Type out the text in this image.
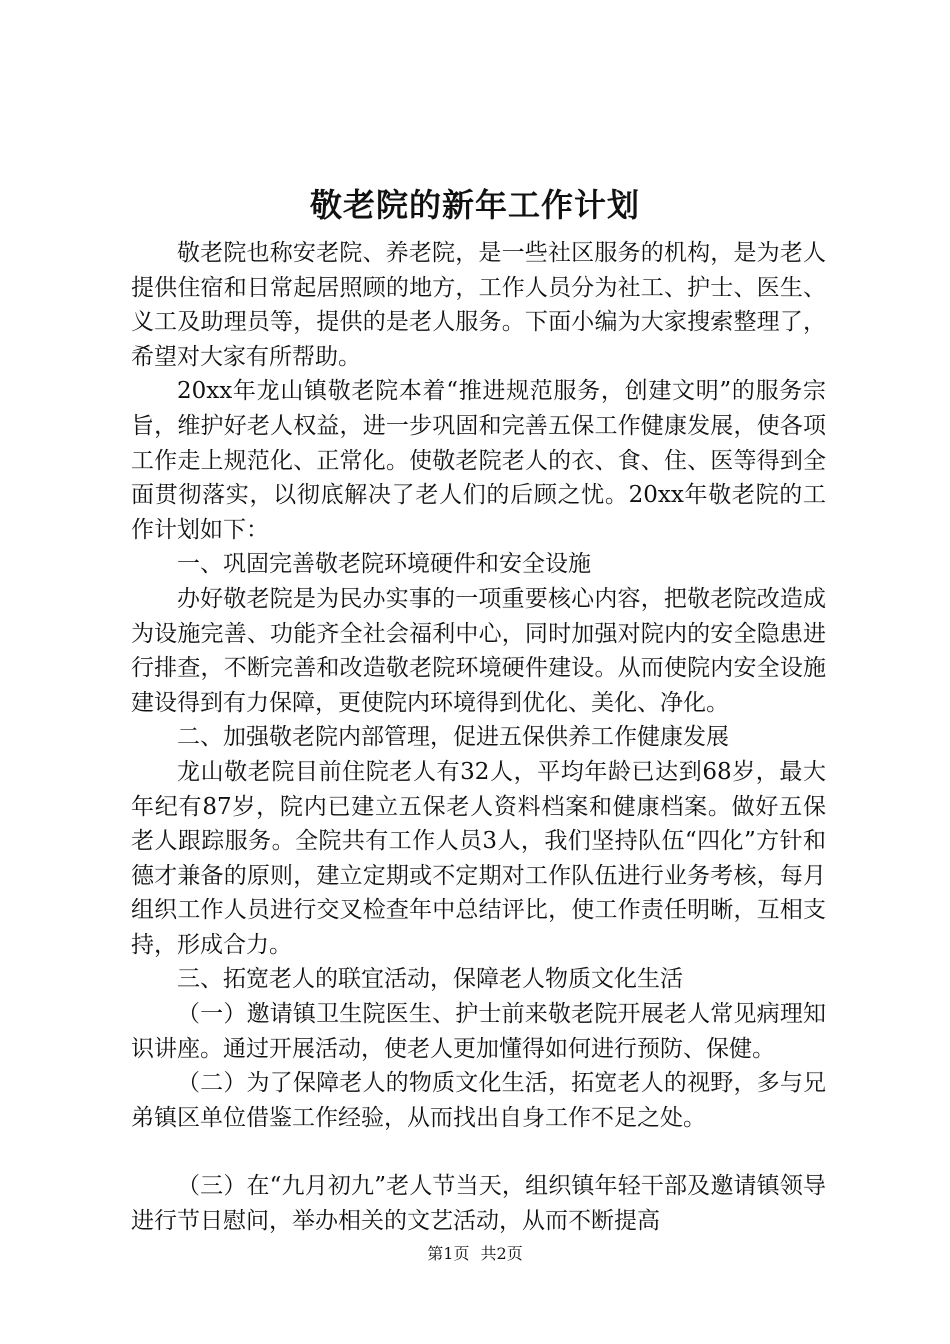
敬老院的新年工作计划

敬老院也称安老院、养老院，是一些社区服务的机构，是为老人提供住宿和日常起居照顾的地方，工作人员分为社工、护士、医生、义工及助理员等，提供的是老人服务。下面小编为大家搜索整理了，希望对大家有所帮助。

20xx年龙山镇敬老院本着“推进规范服务，创建文明”的服务宗旨，维护好老人权益，进一步巩固和完善五保工作健康发展，使各项工作走上规范化、正常化。使敬老院老人的衣、食、住、医等得到全面贯彻落实，以彻底解决了老人们的后顾之忧。20xx年敬老院的工作计划如下：

一、巩固完善敬老院环境硬件和安全设施

办好敬老院是为民办实事的一项重要核心内容，把敬老院改造成为设施完善、功能齐全社会福利中心，同时加强对院内的安全隐患进行排查，不断完善和改造敬老院环境硬件建设。从而使院内安全设施建设得到有力保障，更使院内环境得到优化、美化、净化。

二、加强敬老院内部管理，促进五保供养工作健康发展

龙山敬老院目前住院老人有32人，平均年龄已达到68岁，最大年纪有87岁，院内已建立五保老人资料档案和健康档案。做好五保老人跟踪服务。全院共有工作人员3人，我们坚持队伍“四化”方针和德才兼备的原则，建立定期或不定期对工作队伍进行业务考核，每月组织工作人员进行交叉检查年中总结评比，使工作责任明晰，互相支持，形成合力。

三、拓宽老人的联宜活动，保障老人物质文化生活

（一）邀请镇卫生院医生、护士前来敬老院开展老人常见病理知识讲座。通过开展活动，使老人更加懂得如何进行预防、保健。

（二）为了保障老人的物质文化生活，拓宽老人的视野，多与兄弟镇区单位借鉴工作经验，从而找出自身工作不足之处。

（三）在“九月初九”老人节当天，组织镇年轻干部及邀请镇领导进行节日慰问，举办相关的文艺活动，从而不断提高

第1页 共2页
